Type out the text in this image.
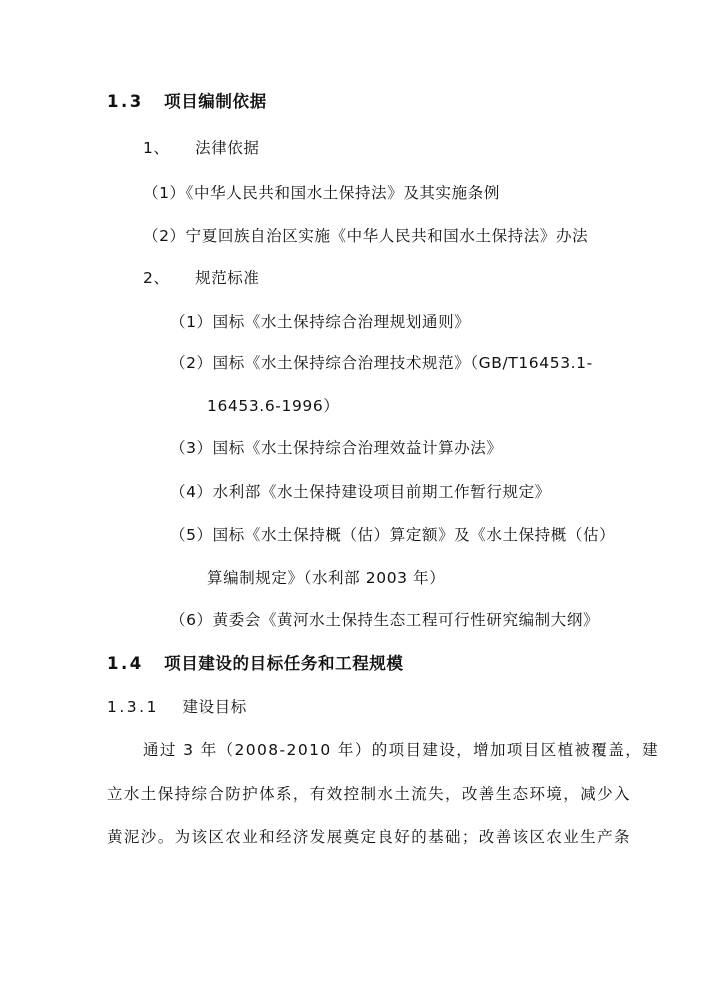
1.3 项目编制依据
1、 法律依据
（1）《中华人民共和国水土保持法》及其实施条例
（2）宁夏回族自治区实施《中华人民共和国水土保持法》办法
2、 规范标准
（1）国标《水土保持综合治理规划通则》
（2）国标《水土保持综合治理技术规范》（GB/T16453.1-
16453.6-1996）
（3）国标《水土保持综合治理效益计算办法》
（4）水利部《水土保持建设项目前期工作暂行规定》
（5）国标《水土保持概（估）算定额》及《水土保持概（估）
算编制规定》（水利部 2003 年）
（6）黄委会《黄河水土保持生态工程可行性研究编制大纲》
1.4 项目建设的目标任务和工程规模
1.3.1 建设目标
通过 3 年（2008-2010 年）的项目建设，增加项目区植被覆盖，建
立水土保持综合防护体系，有效控制水土流失，改善生态环境，减少入
黄泥沙。为该区农业和经济发展奠定良好的基础；改善该区农业生产条
